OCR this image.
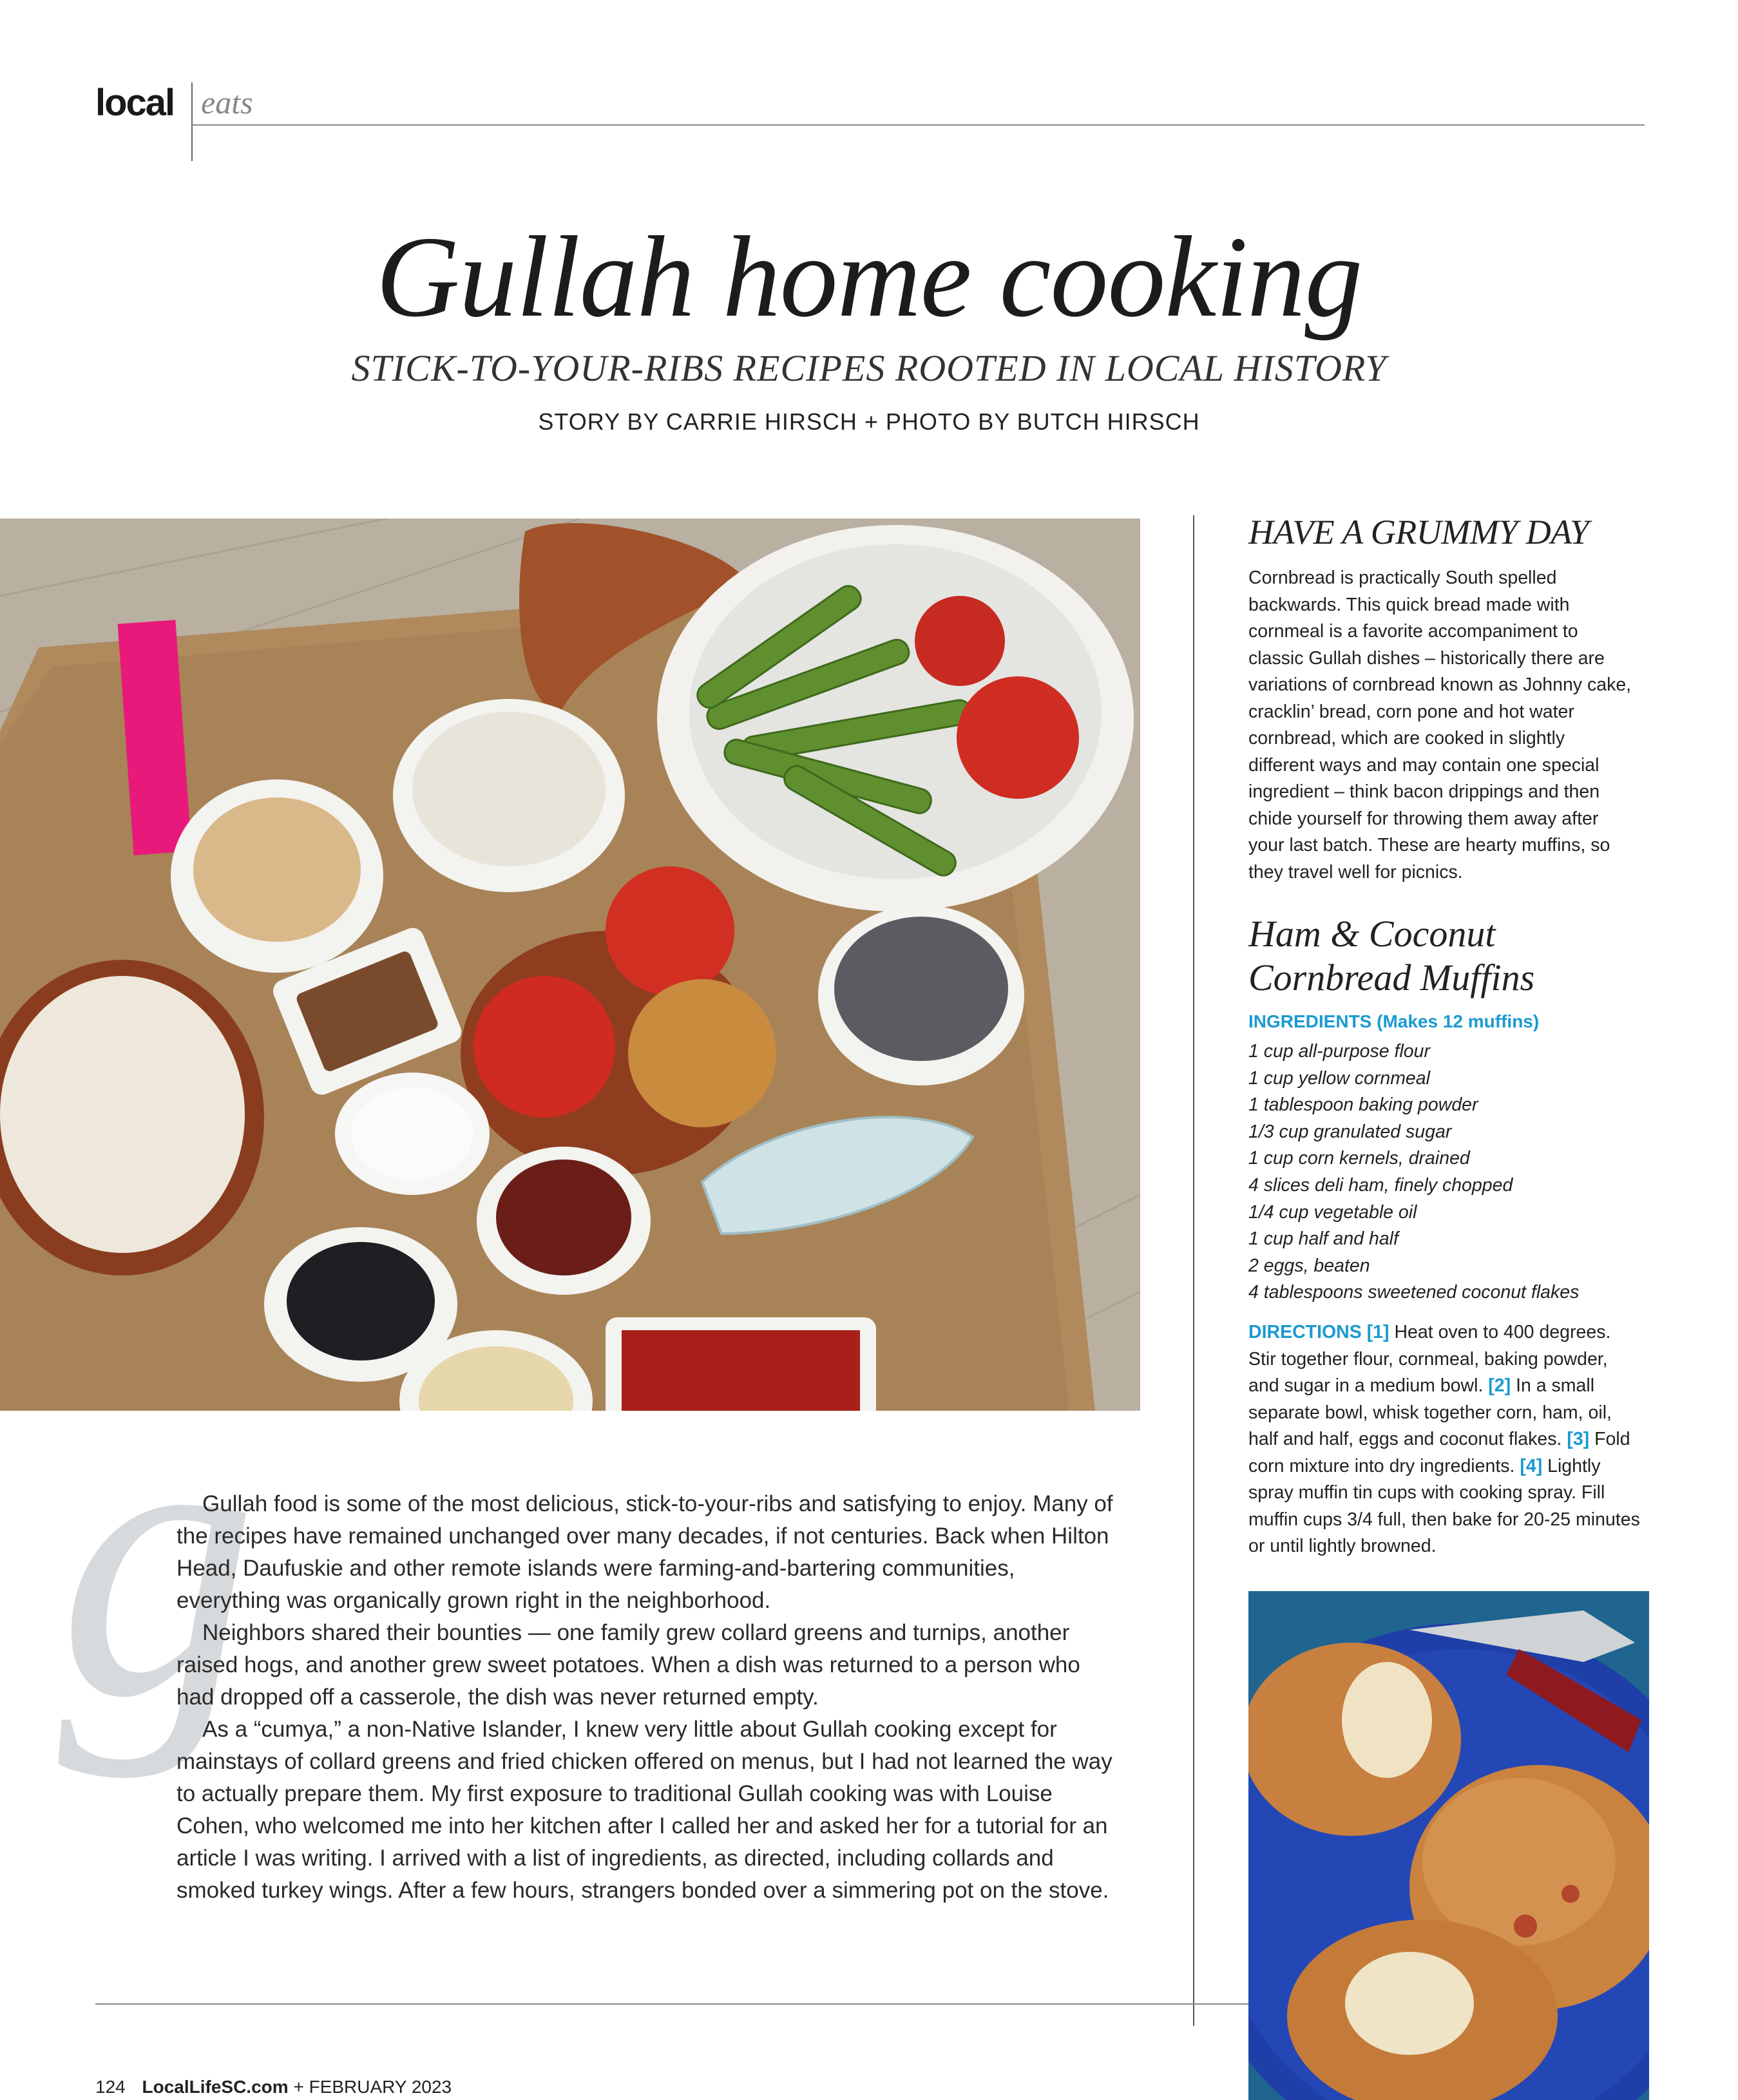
local eats
Gullah home cooking
STICK-TO-YOUR-RIBS RECIPES ROOTED IN LOCAL HISTORY
STORY BY CARRIE HIRSCH + PHOTO BY BUTCH HIRSCH
HAVE A GRUMMY DAY
Cornbread is practically South spelled backwards. This quick bread made with cornmeal is a favorite accompaniment to classic Gullah dishes – historically there are variations of cornbread known as Johnny cake, cracklin’ bread, corn pone and hot water cornbread, which are cooked in slightly different ways and may contain one special ingredient – think bacon drippings and then chide yourself for throwing them away after your last batch. These are hearty muffins, so they travel well for picnics.
Ham & Coconut
Cornbread Muffins
INGREDIENTS (Makes 12 muffins)
1 cup all-purpose flour
1 cup yellow cornmeal
1 tablespoon baking powder
1/3 cup granulated sugar
1 cup corn kernels, drained
4 slices deli ham, finely chopped
1/4 cup vegetable oil
1 cup half and half
2 eggs, beaten
4 tablespoons sweetened coconut flakes
DIRECTIONS [1] Heat oven to 400 degrees. Stir together flour, cornmeal, baking powder, and sugar in a medium bowl. [2] In a small separate bowl, whisk together corn, ham, oil, half and half, eggs and coconut flakes. [3] Fold corn mixture into dry ingredients. [4] Lightly spray muffin tin cups with cooking spray. Fill muffin cups 3/4 full, then bake for 20-25 minutes or until lightly browned.
g

Gullah food is some of the most delicious, stick-to-your-ribs and satisfying to enjoy. Many of the recipes have remained unchanged over many decades, if not centuries. Back when Hilton Head, Daufuskie and other remote islands were farming-and-bartering communities, everything was organically grown right in the neighborhood.

Neighbors shared their bounties — one family grew collard greens and turnips, another raised hogs, and another grew sweet potatoes. When a dish was returned to a person who had dropped off a casserole, the dish was never returned empty.

As a “cumya,” a non-Native Islander, I knew very little about Gullah cooking except for mainstays of collard greens and fried chicken offered on menus, but I had not learned the way to actually prepare them. My first exposure to traditional Gullah cooking was with Louise Cohen, who welcomed me into her kitchen after I called her and asked her for a tutorial for an article I was writing. I arrived with a list of ingredients, as directed, including collards and smoked turkey wings. After a few hours, strangers bonded over a simmering pot on the stove.

124 LocalLifeSC.com + FEBRUARY 2023
